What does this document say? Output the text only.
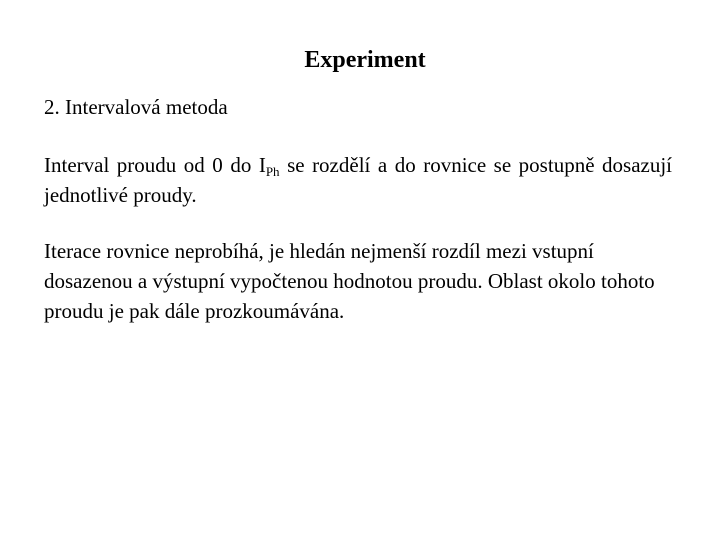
Experiment
2. Intervalová metoda
Interval proudu od 0 do $I_{Ph}$ se rozdělí a do rovnice se postupně dosazují jednotlivé proudy.
Iterace rovnice neprobíhá, je hledán nejmenší rozdíl mezi vstupní dosazenou a výstupní vypočtenou hodnotou proudu. Oblast okolo tohoto proudu je pak dále prozkoumávána.
